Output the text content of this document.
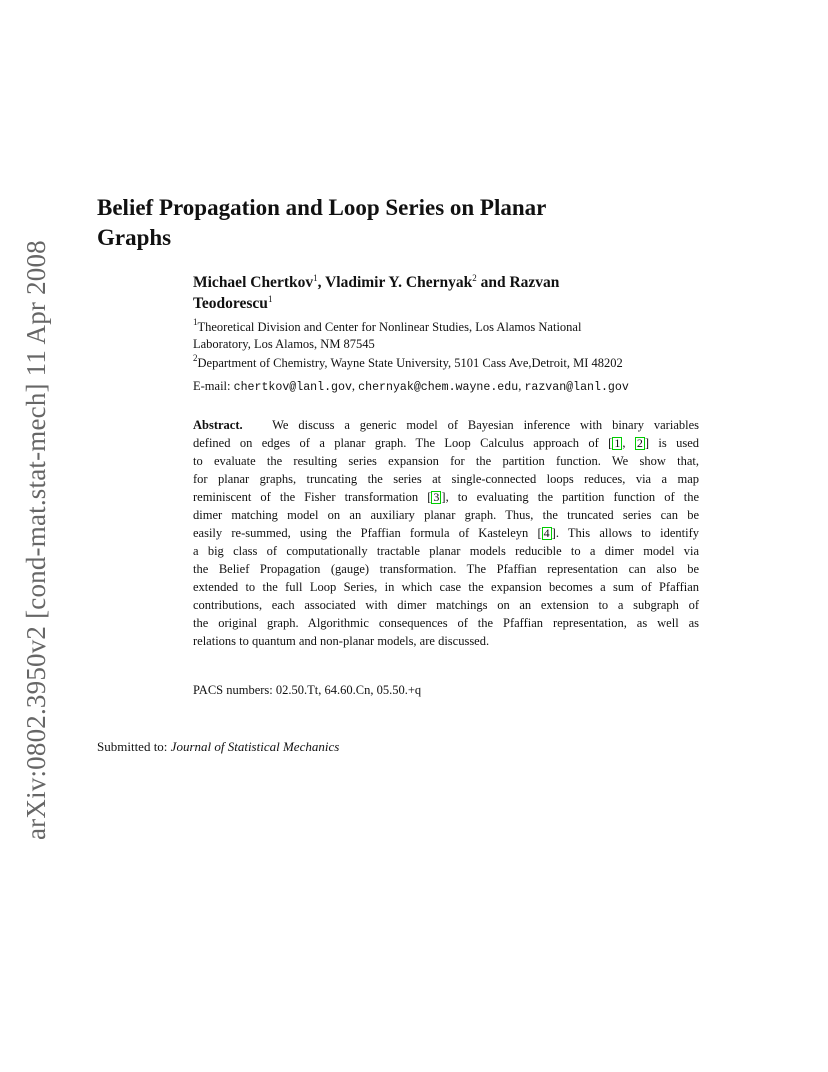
arXiv:0802.3950v2 [cond-mat.stat-mech] 11 Apr 2008
Belief Propagation and Loop Series on Planar
Graphs
Michael Chertkov$^1$, Vladimir Y. Chernyak$^2$ and Razvan
Teodorescu$^1$
$^1$Theoretical Division and Center for Nonlinear Studies, Los Alamos National
Laboratory, Los Alamos, NM 87545
$^2$Department of Chemistry, Wayne State University, 5101 Cass Ave,Detroit, MI 48202
E-mail: chertkov@lanl.gov, chernyak@chem.wayne.edu, razvan@lanl.gov
Abstract. We discuss a generic model of Bayesian inference with binary variables
defined on edges of a planar graph. The Loop Calculus approach of [ 1 , 2 ] is used
to evaluate the resulting series expansion for the partition function. We show that,
for planar graphs, truncating the series at single-connected loops reduces, via a map
reminiscent of the Fisher transformation [ 3 ], to evaluating the partition function of the
dimer matching model on an auxiliary planar graph. Thus, the truncated series can be
easily re-summed, using the Pfaffian formula of Kasteleyn [ 4 ]. This allows to identify
a big class of computationally tractable planar models reducible to a dimer model via
the Belief Propagation (gauge) transformation. The Pfaffian representation can also be
extended to the full Loop Series, in which case the expansion becomes a sum of Pfaffian
contributions, each associated with dimer matchings on an extension to a subgraph of
the original graph. Algorithmic consequences of the Pfaffian representation, as well as
relations to quantum and non-planar models, are discussed.
PACS numbers: 02.50.Tt, 64.60.Cn, 05.50.+q
Submitted to: Journal of Statistical Mechanics
